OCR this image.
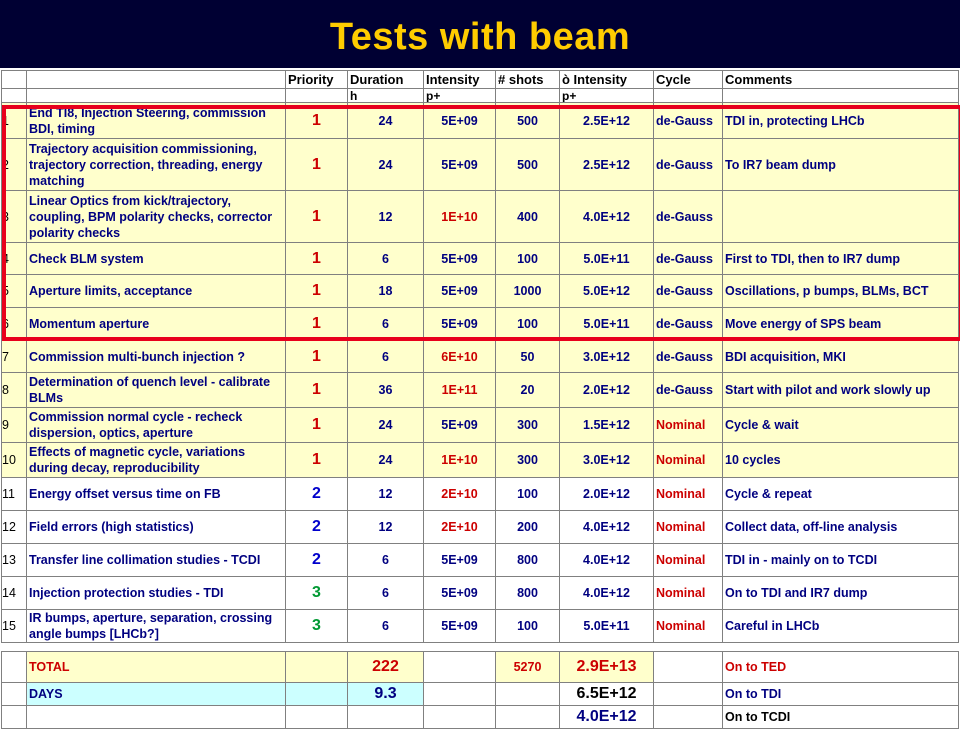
Tests with beam
		Priority	Duration	Intensity	# shots	ò Intensity	Cycle	Comments
			h	p+		p+		
1	End TI8, Injection Steering, commission BDI, timing	1	24	5E+09	500	2.5E+12	de-Gauss	TDI in, protecting LHCb
2	Trajectory acquisition commissioning, trajectory correction, threading, energy matching	1	24	5E+09	500	2.5E+12	de-Gauss	To IR7 beam dump
3	Linear Optics from kick/trajectory, coupling, BPM polarity checks, corrector polarity checks	1	12	1E+10	400	4.0E+12	de-Gauss	
4	Check BLM system	1	6	5E+09	100	5.0E+11	de-Gauss	First to TDI, then to IR7 dump
5	Aperture limits, acceptance	1	18	5E+09	1000	5.0E+12	de-Gauss	Oscillations, p bumps, BLMs, BCT
6	Momentum aperture	1	6	5E+09	100	5.0E+11	de-Gauss	Move energy of SPS beam
7	Commission multi-bunch injection ?	1	6	6E+10	50	3.0E+12	de-Gauss	BDI acquisition, MKI
8	Determination of quench level - calibrate BLMs	1	36	1E+11	20	2.0E+12	de-Gauss	Start with pilot and work slowly up
9	Commission normal cycle - recheck dispersion, optics, aperture	1	24	5E+09	300	1.5E+12	Nominal	Cycle & wait
10	Effects of magnetic cycle, variations during decay, reproducibility	1	24	1E+10	300	3.0E+12	Nominal	10 cycles
11	Energy offset versus time on FB	2	12	2E+10	100	2.0E+12	Nominal	Cycle & repeat
12	Field errors (high statistics)	2	12	2E+10	200	4.0E+12	Nominal	Collect data, off-line analysis
13	Transfer line collimation studies - TCDI	2	6	5E+09	800	4.0E+12	Nominal	TDI in - mainly on to TCDI
14	Injection protection studies - TDI	3	6	5E+09	800	4.0E+12	Nominal	On to TDI and IR7 dump
15	IR bumps, aperture, separation, crossing angle bumps [LHCb?]	3	6	5E+09	100	5.0E+11	Nominal	Careful in LHCb
	TOTAL		222		5270	2.9E+13		On to TED
	DAYS		9.3			6.5E+12		On to TDI
						4.0E+12		On to TCDI
